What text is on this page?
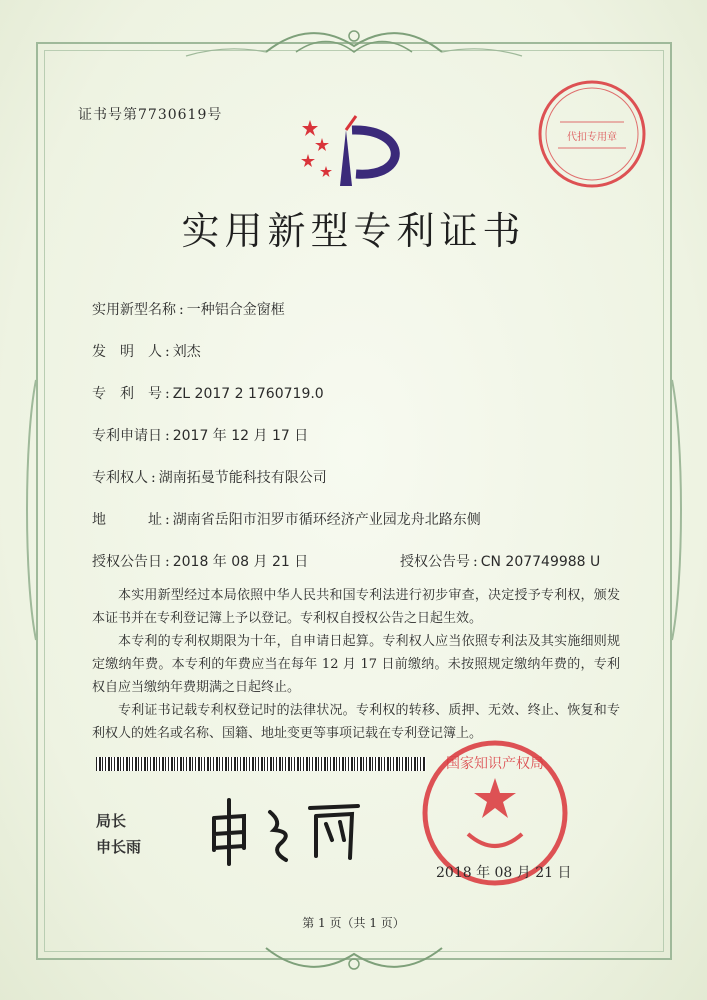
证书号第7730619号
代扣专用章
实用新型专利证书
实用新型名称 : 一种铝合金窗框
发　明　人 : 刘杰
专　利　号 : ZL 2017 2 1760719.0
专利申请日 : 2017 年 12 月 17 日
专利权人 : 湖南拓曼节能科技有限公司
地　　　址 : 湖南省岳阳市汨罗市循环经济产业园龙舟北路东侧
授权公告日 : 2018 年 08 月 21 日	授权公告号 : CN 207749988 U

本实用新型经过本局依照中华人民共和国专利法进行初步审查，决定授予专利权，颁发本证书并在专利登记簿上予以登记。专利权自授权公告之日起生效。

本专利的专利权期限为十年，自申请日起算。专利权人应当依照专利法及其实施细则规定缴纳年费。本专利的年费应当在每年 12 月 17 日前缴纳。未按照规定缴纳年费的，专利权自应当缴纳年费期满之日起终止。

专利证书记载专利权登记时的法律状况。专利权的转移、质押、无效、终止、恢复和专利权人的姓名或名称、国籍、地址变更等事项记载在专利登记簿上。

局长
申长雨
国家知识产权局
2018 年 08 月 21 日
第 1 页（共 1 页）
